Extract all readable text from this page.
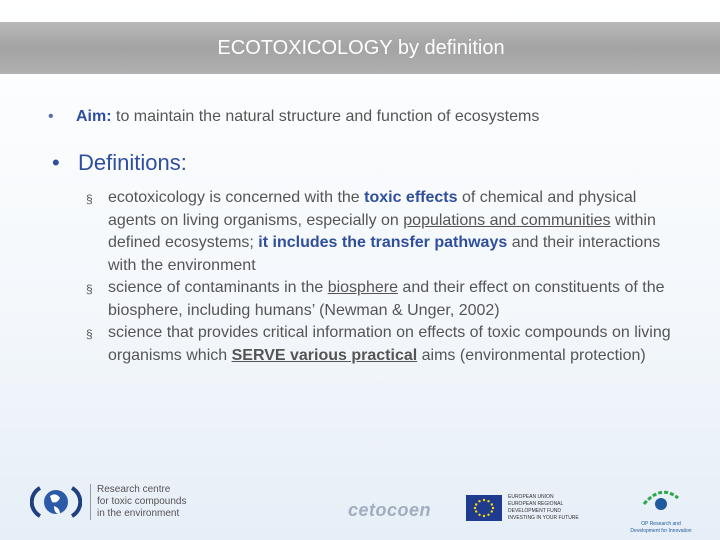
ECOTOXICOLOGY by definition
• Aim: to maintain the natural structure and function of ecosystems
• Definitions:
§ ecotoxicology is concerned with the toxic effects of chemical and physical agents on living organisms, especially on populations and communities within defined ecosystems; it includes the transfer pathways and their interactions with the environment
§ science of contaminants in the biosphere and their effect on constituents of the biosphere, including humans’ (Newman & Unger, 2002)
§ science that provides critical information on effects of toxic compounds on living organisms which SERVE various practical aims (environmental protection)
Research centre
for toxic compounds
in the environment	cetocoen
EUROPEAN UNION
EUROPEAN REGIONAL DEVELOPMENT FUND
INVESTING IN YOUR FUTURE
OP Research and
Development for Innovation
